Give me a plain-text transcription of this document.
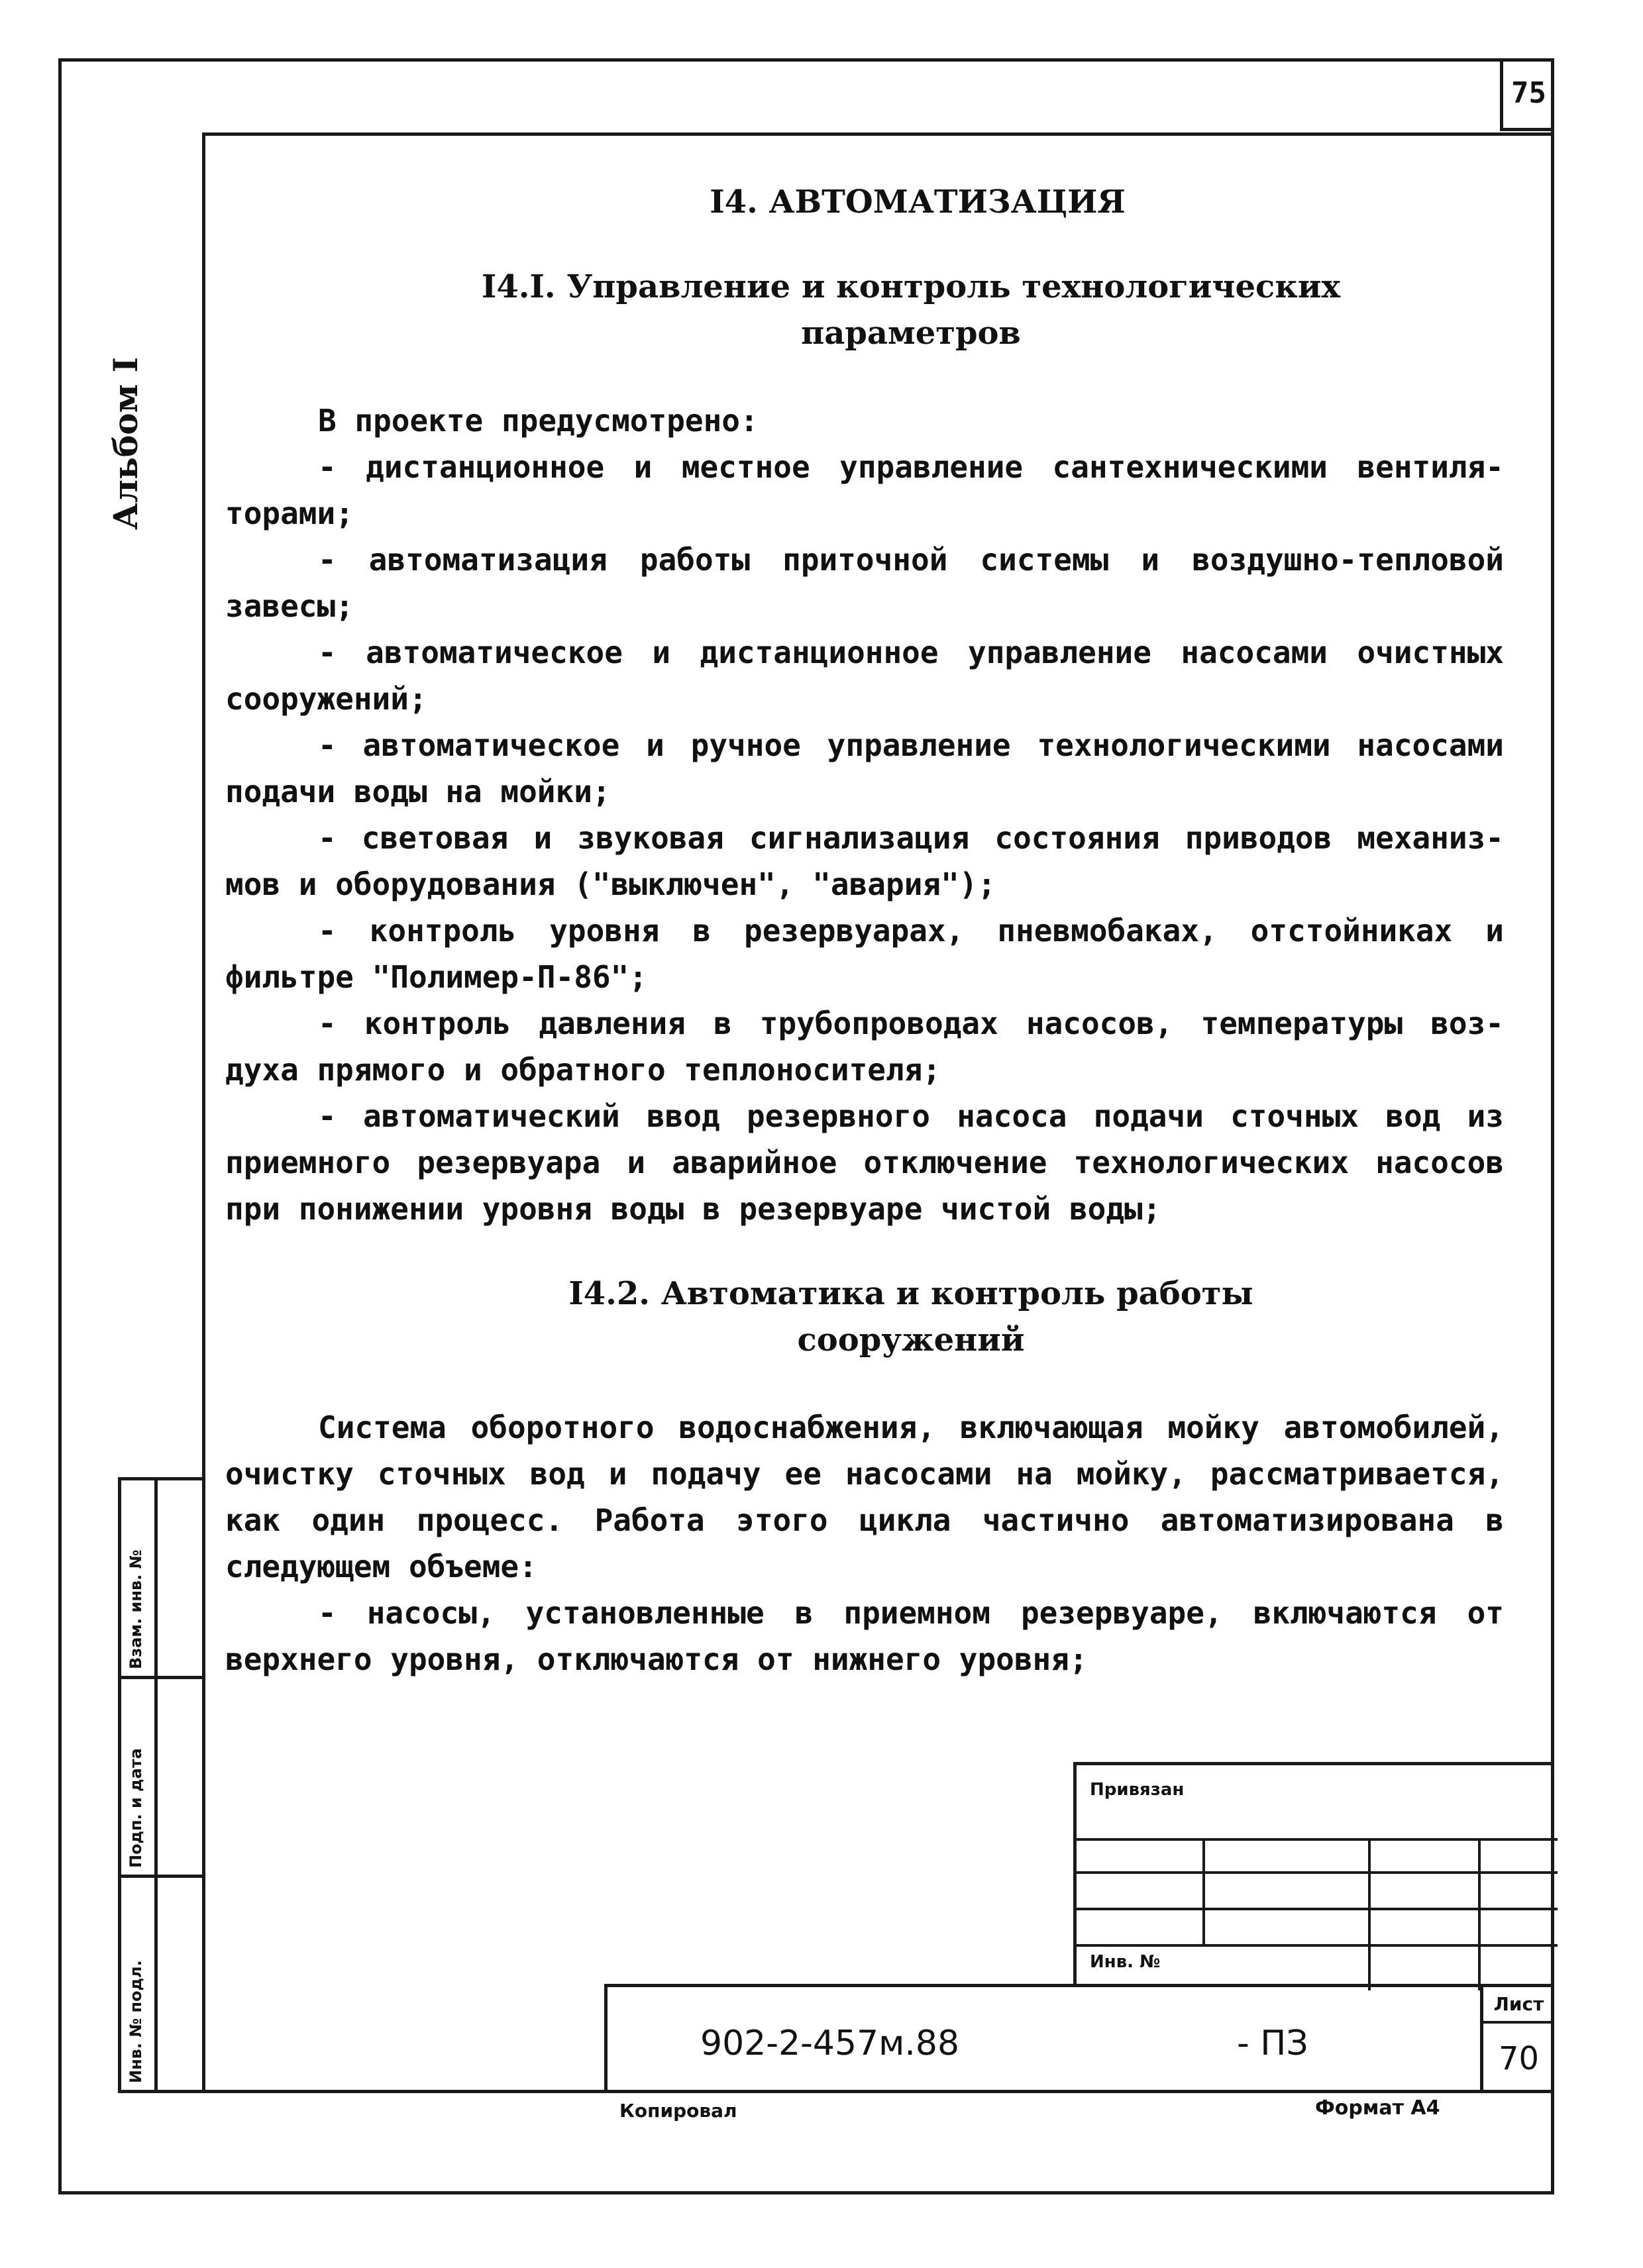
75
Альбом I
Взам. инв. №
Подп. и дата
Инв. № подл.
I4. АВТОМАТИЗАЦИЯ
I4.I. Управление и контроль технологических
параметров
В проекте предусмотрено:
- дистанционное и местное управление сантехническими вентиля-торами;
- автоматизация работы приточной системы и воздушно-тепловой завесы;
- автоматическое и дистанционное управление насосами очистных сооружений;
- автоматическое и ручное управление технологическими насосами подачи воды на мойки;
- световая и звуковая сигнализация состояния приводов механиз-мов и оборудования ("выключен", "авария");
- контроль уровня в резервуарах, пневмобаках, отстойниках и фильтре "Полимер-П-86";
- контроль давления в трубопроводах насосов, температуры воз-духа прямого и обратного теплоносителя;
- автоматический ввод резервного насоса подачи сточных вод из приемного резервуара и аварийное отключение технологических насосов при понижении уровня воды в резервуаре чистой воды;
I4.2. Автоматика и контроль работы
сооружений
Система оборотного водоснабжения, включающая мойку автомобилей, очистку сточных вод и подачу ее насосами на мойку, рассматривается, как один процесс. Работа этого цикла частично автоматизирована в следующем объеме:
- насосы, установленные в приемном резервуаре, включаются от верхнего уровня, отключаются от нижнего уровня;
Привязан
Инв. №
902-2-457м.88	- ПЗ
Лист
70
Копировал	Формат А4
